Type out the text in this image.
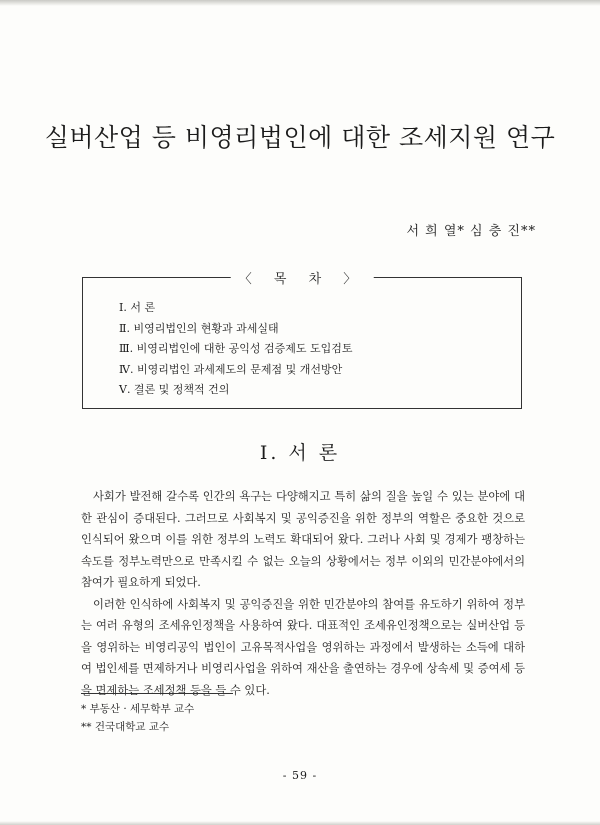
실버산업 등 비영리법인에 대한 조세지원 연구
서 희 열* 심 충 진**
〈 목 차 〉
Ⅰ. 서 론
Ⅱ. 비영리법인의 현황과 과세실태
Ⅲ. 비영리법인에 대한 공익성 검증제도 도입검토
Ⅳ. 비영리법인 과세제도의 문제점 및 개선방안
Ⅴ. 결론 및 정책적 건의
Ⅰ. 서 론

사회가 발전해 갈수록 인간의 욕구는 다양해지고 특히 삶의 질을 높일 수 있는 분야에 대한 관심이 증대된다. 그러므로 사회복지 및 공익증진을 위한 정부의 역할은 중요한 것으로 인식되어 왔으며 이를 위한 정부의 노력도 확대되어 왔다. 그러나 사회 및 경제가 팽창하는 속도를 정부노력만으로 만족시킬 수 없는 오늘의 상황에서는 정부 이외의 민간분야에서의 참여가 필요하게 되었다.

이러한 인식하에 사회복지 및 공익증진을 위한 민간분야의 참여를 유도하기 위하여 정부는 여러 유형의 조세유인정책을 사용하여 왔다. 대표적인 조세유인정책으로는 실버산업 등을 영위하는 비영리공익 법인이 고유목적사업을 영위하는 과정에서 발생하는 소득에 대하여 법인세를 면제하거나 비영리사업을 위하여 재산을 출연하는 경우에 상속세 및 증여세 등을 면제하는 조세정책 등을 들 수 있다.

* 부동산 · 세무학부 교수

** 건국대학교 교수

- 59 -
